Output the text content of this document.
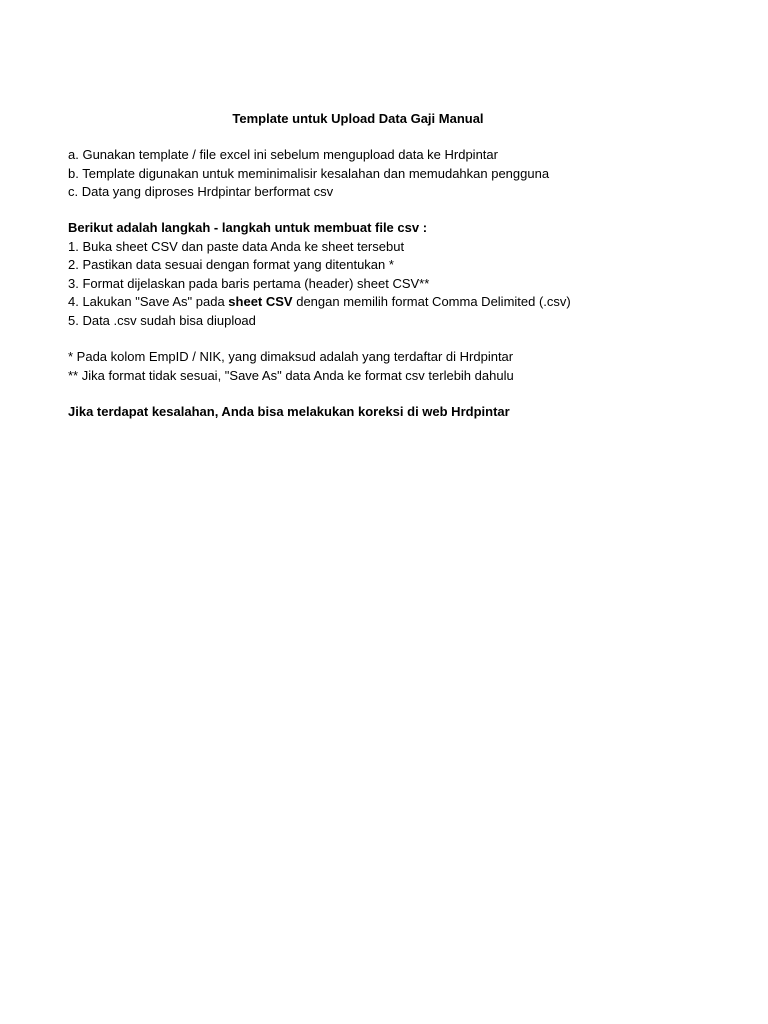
Template untuk Upload Data Gaji Manual

a. Gunakan template / file excel ini sebelum mengupload data ke Hrdpintar

b. Template digunakan untuk meminimalisir kesalahan dan memudahkan pengguna

c. Data yang diproses Hrdpintar berformat csv

Berikut adalah langkah - langkah untuk membuat file csv :

1. Buka sheet CSV dan paste data Anda ke sheet tersebut

2. Pastikan data sesuai dengan format yang ditentukan *

3. Format dijelaskan pada baris pertama (header) sheet CSV**

4. Lakukan "Save As" pada sheet CSV dengan memilih format Comma Delimited (.csv)

5. Data .csv sudah bisa diupload

* Pada kolom EmpID / NIK, yang dimaksud adalah yang terdaftar di Hrdpintar

** Jika format tidak sesuai, "Save As" data Anda ke format csv terlebih dahulu

Jika terdapat kesalahan, Anda bisa melakukan koreksi di web Hrdpintar
